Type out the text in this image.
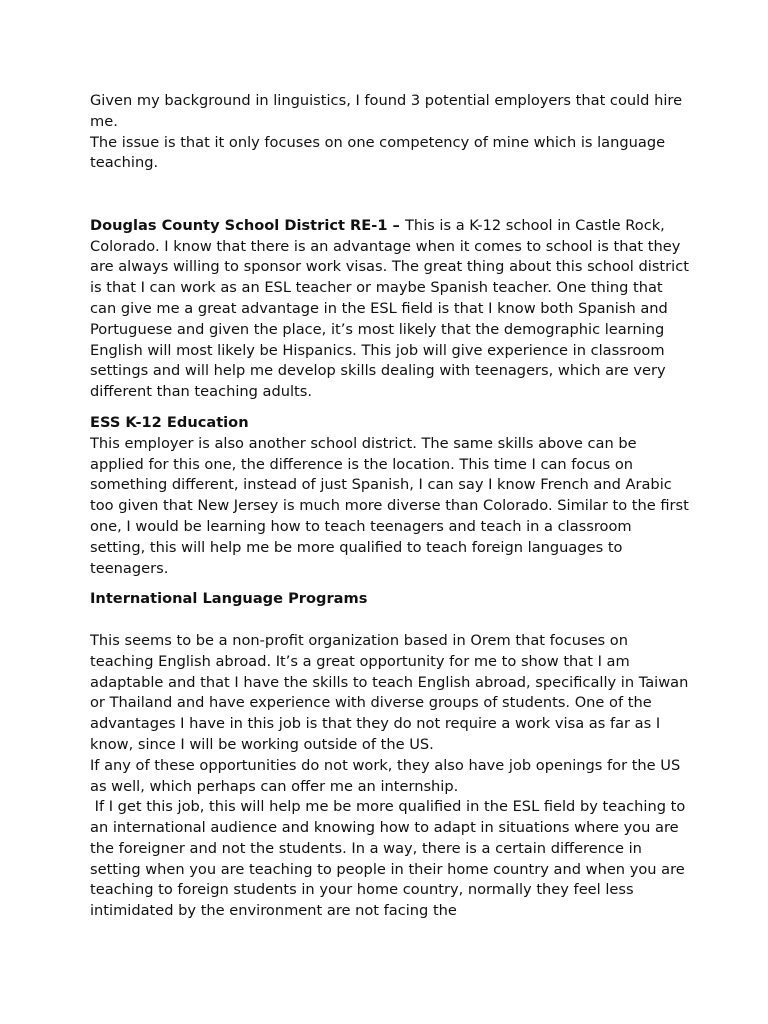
Given my background in linguistics, I found 3 potential employers that could hire me.

The issue is that it only focuses on one competency of mine which is language teaching.

Douglas County School District RE-1 – This is a K-12 school in Castle Rock, Colorado. I know that there is an advantage when it comes to school is that they are always willing to sponsor work visas. The great thing about this school district is that I can work as an ESL teacher or maybe Spanish teacher. One thing that can give me a great advantage in the ESL field is that I know both Spanish and Portuguese and given the place, it’s most likely that the demographic learning English will most likely be Hispanics. This job will give experience in classroom settings and will help me develop skills dealing with teenagers, which are very different than teaching adults.

ESS K-12 Education

This employer is also another school district. The same skills above can be applied for this one, the difference is the location. This time I can focus on something different, instead of just Spanish, I can say I know French and Arabic too given that New Jersey is much more diverse than Colorado. Similar to the first one, I would be learning how to teach teenagers and teach in a classroom setting, this will help me be more qualified to teach foreign languages to teenagers.

International Language Programs

This seems to be a non-profit organization based in Orem that focuses on teaching English abroad. It’s a great opportunity for me to show that I am adaptable and that I have the skills to teach English abroad, specifically in Taiwan or Thailand and have experience with diverse groups of students. One of the advantages I have in this job is that they do not require a work visa as far as I know, since I will be working outside of the US.

If any of these opportunities do not work, they also have job openings for the US as well, which perhaps can offer me an internship.

If I get this job, this will help me be more qualified in the ESL field by teaching to an international audience and knowing how to adapt in situations where you are the foreigner and not the students. In a way, there is a certain difference in setting when you are teaching to people in their home country and when you are teaching to foreign students in your home country, normally they feel less intimidated by the environment are not facing the
